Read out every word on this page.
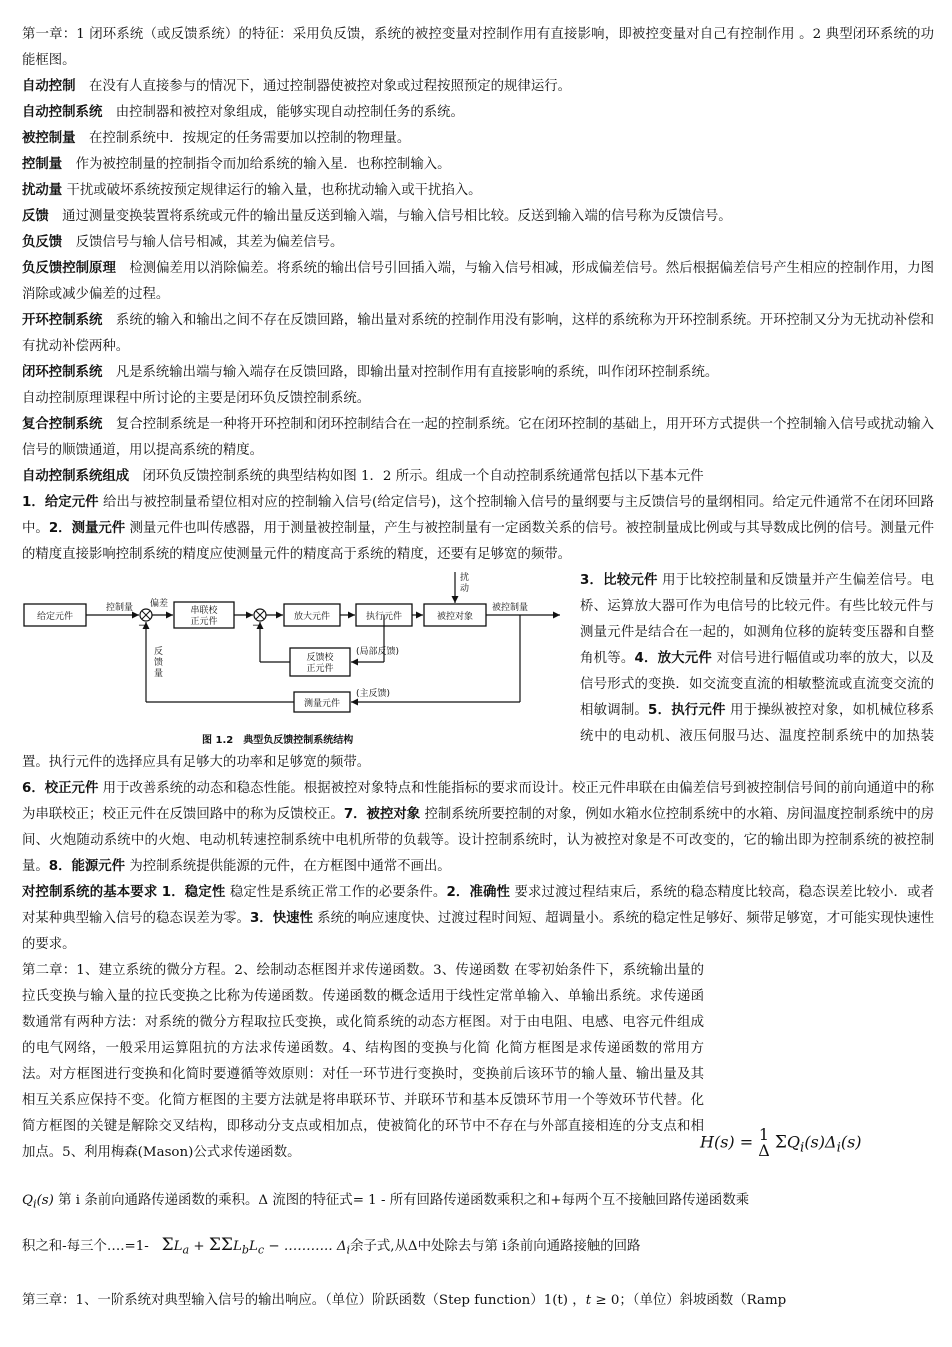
第一章：1 闭环系统（或反馈系统）的特征：采用负反馈，系统的被控变量对控制作用有直接影响，即被控变量对自己有控制作用 。2 典型闭环系统的功能框图。

自动控制　 在没有人直接参与的情况下，通过控制器使被控对象或过程按照预定的规律运行。

自动控制系统　 由控制器和被控对象组成，能够实现自动控制任务的系统。

被控制量　 在控制系统中．按规定的任务需要加以控制的物理量。

控制量　 作为被控制量的控制指令而加给系统的输入星．也称控制输入。

扰动量 干扰或破坏系统按预定规律运行的输入量，也称扰动输入或干扰掐入。

反馈　 通过测量变换装置将系统或元件的输出量反送到输入端，与输入信号相比较。反送到输入端的信号称为反馈信号。

负反馈　 反馈信号与输人信号相减，其差为偏差信号。

负反馈控制原理　 检测偏差用以消除偏差。将系统的输出信号引回插入端，与输入信号相减，形成偏差信号。然后根据偏差信号产生相应的控制作用，力图消除或减少偏差的过程。

开环控制系统　 系统的输入和输出之间不存在反馈回路，输出量对系统的控制作用没有影响，这样的系统称为开环控制系统。开环控制又分为无扰动补偿和有扰动补偿两种。

闭环控制系统　 凡是系统输出端与输入端存在反馈回路，即输出量对控制作用有直接影响的系统，叫作闭环控制系统。

自动控制原理课程中所讨论的主要是闭环负反馈控制系统。

复合控制系统　 复合控制系统是一种将开环控制和闭环控制结合在一起的控制系统。它在闭环控制的基础上，用开环方式提供一个控制输入信号或扰动输入信号的顺馈通道，用以提高系统的精度。

自动控制系统组成　 闭环负反馈控制系统的典型结构如图 1．2 所示。组成一个自动控制系统通常包括以下基本元件

1．给定元件 给出与被控制量希望位相对应的控制输入信号(给定信号)，这个控制输入信号的量纲要与主反馈信号的量纲相同。给定元件通常不在闭环回路中。2．测量元件 测量元件也叫传感器，用于测量被控制量，产生与被控制量有一定函数关系的信号。被控制量成比例或与其导数成比例的信号。测量元件的精度直接影响控制系统的精度应使测量元件的精度高于系统的精度，还要有足够宽的频带。

给定元件
串联校
正元件	放大元件	执行元件	被控对象
反馈校
正元件
测量元件
扰
动
(局部反馈)
(主反馈)
控制量 偏差
−	−
反
馈
量
被控制量
图 1.2　典型负反馈控制系统结构

3．比较元件 用于比较控制量和反馈量并产生偏差信号。电桥、运算放大器可作为电信号的比较元件。有些比较元件与测量元件是结合在一起的，如测角位移的旋转变压器和自整角机等。4．放大元件 对信号进行幅值或功率的放大，以及信号形式的变换．如交流变直流的相敏整流或直流变交流的相敏调制。5．执行元件 用于操纵被控对象，如机械位移系统中的电动机、液压伺服马达、温度控制系统中的加热装置。执行元件的选择应具有足够大的功率和足够宽的频带。

6．校正元件 用于改善系统的动态和稳态性能。根据被控对象特点和性能指标的要求而设计。校正元件串联在由偏差信号到被控制信号间的前向通道中的称为串联校正；校正元件在反馈回路中的称为反馈校正。7．被控对象 控制系统所要控制的对象，例如水箱水位控制系统中的水箱、房间温度控制系统中的房间、火炮随动系统中的火炮、电动机转速控制系统中电机所带的负载等。设计控制系统时，认为被控对象是不可改变的，它的输出即为控制系统的被控制量。8．能源元件 为控制系统提供能源的元件，在方框图中通常不画出。

对控制系统的基本要求 1．稳定性 稳定性是系统正常工作的必要条件。2．准确性 要求过渡过程结束后，系统的稳态精度比较高，稳态误差比较小．或者对某种典型输入信号的稳态误差为零。3．快速性 系统的响应速度快、过渡过程时间短、超调量小。系统的稳定性足够好、频带足够宽，才可能实现快速性的要求。

第二章：1、建立系统的微分方程。2、绘制动态框图并求传递函数。3、传递函数 在零初始条件下，系统输出量的拉氏变换与输入量的拉氏变换之比称为传递函数。传递函数的概念适用于线性定常单输入、单输出系统。求传递函数通常有两种方法：对系统的微分方程取拉氏变换，或化简系统的动态方框图。对于由电阻、电感、电容元件组成的电气网络，一般采用运算阻抗的方法求传递函数。4、结构图的变换与化简 化简方框图是求传递函数的常用方法。对方框图进行变换和化简时要遵循等效原则：对任一环节进行变换时，变换前后该环节的输人量、输出量及其相互关系应保持不变。化简方框图的主要方法就是将串联环节、并联环节和基本反馈环节用一个等效环节代替。化简方框图的关键是解除交叉结构，即移动分支点或相加点，使被简化的环节中不存在与外部直接相连的分支点和相加点。5、利用梅森(Mason)公式求传递函数。

H(s) = 1
Δ $\Sigma Q_i(s)\Delta_i(s)$
$Q_i(s)$ 第 i 条前向通路传递函数的乘积。Δ 流图的特征式= 1 - 所有回路传递函数乘积之和+每两个互不接触回路传递函数乘
积之和-每三个….=1- $\Sigma L_a + \Sigma\Sigma L_bL_c$ − ……….. $\Delta_i$余子式,从Δ中处除去与第 i条前向通路接触的回路
第三章：1、一阶系统对典型输入信号的输出响应。（单位）阶跃函数（Step function）1(t) ，t ≥ 0；（单位）斜坡函数（Ramp
